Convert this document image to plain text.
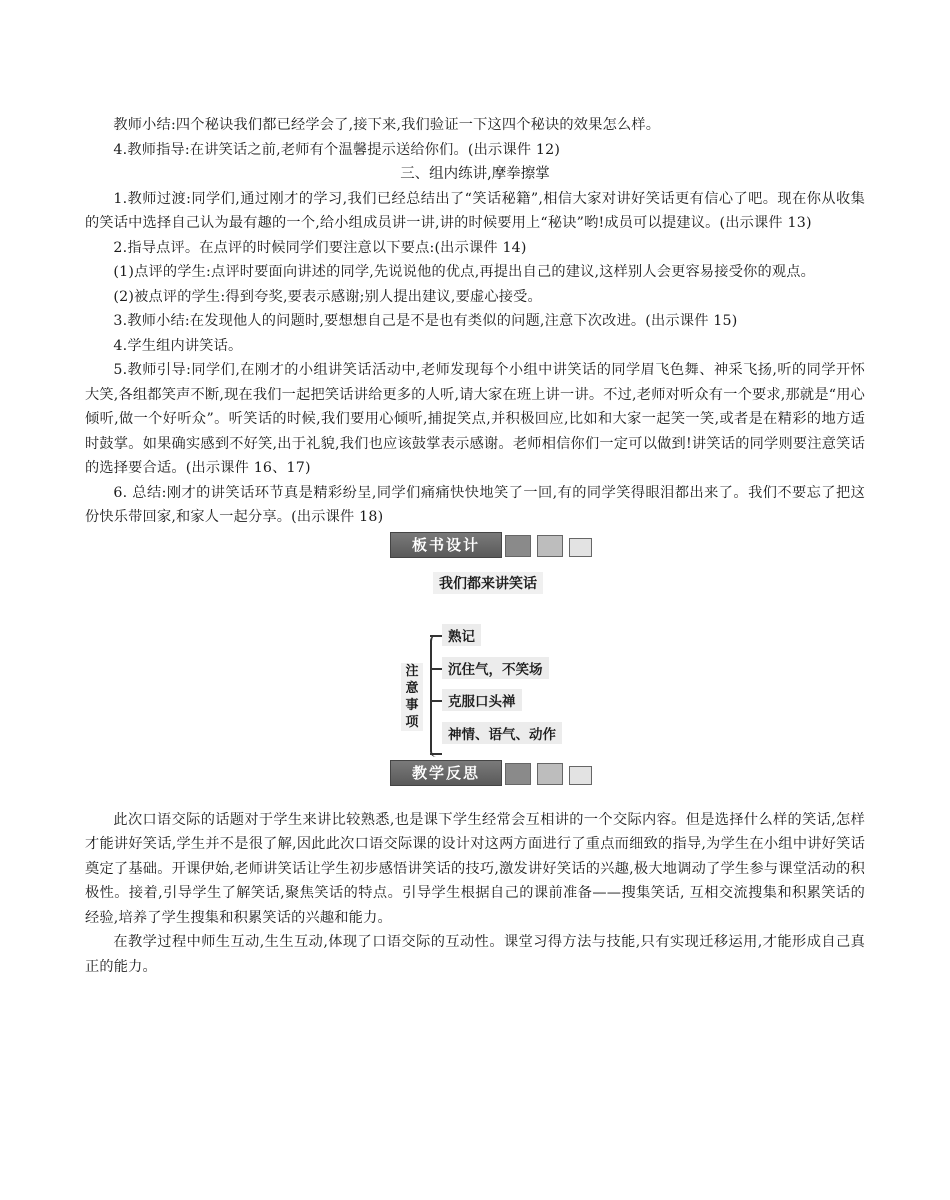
教师小结:四个秘诀我们都已经学会了,接下来,我们验证一下这四个秘诀的效果怎么样。

4.教师指导:在讲笑话之前,老师有个温馨提示送给你们。(出示课件 12)

三、组内练讲,摩拳擦掌

1.教师过渡:同学们,通过刚才的学习,我们已经总结出了“笑话秘籍”,相信大家对讲好笑话更有信心了吧。现在你从收集的笑话中选择自己认为最有趣的一个,给小组成员讲一讲,讲的时候要用上“秘诀”哟!成员可以提建议。(出示课件 13)

2.指导点评。在点评的时候同学们要注意以下要点:(出示课件 14)

(1)点评的学生:点评时要面向讲述的同学,先说说他的优点,再提出自己的建议,这样别人会更容易接受你的观点。

(2)被点评的学生:得到夸奖,要表示感谢;别人提出建议,要虚心接受。

3.教师小结:在发现他人的问题时,要想想自己是不是也有类似的问题,注意下次改进。(出示课件 15)

4.学生组内讲笑话。

5.教师引导:同学们,在刚才的小组讲笑话活动中,老师发现每个小组中讲笑话的同学眉飞色舞、神采飞扬,听的同学开怀大笑,各组都笑声不断,现在我们一起把笑话讲给更多的人听,请大家在班上讲一讲。不过,老师对听众有一个要求,那就是“用心倾听,做一个好听众”。听笑话的时候,我们要用心倾听,捕捉笑点,并积极回应,比如和大家一起笑一笑,或者是在精彩的地方适时鼓掌。如果确实感到不好笑,出于礼貌,我们也应该鼓掌表示感谢。老师相信你们一定可以做到!讲笑话的同学则要注意笑话的选择要合适。(出示课件 16、17)

6. 总结:刚才的讲笑话环节真是精彩纷呈,同学们痛痛快快地笑了一回,有的同学笑得眼泪都出来了。我们不要忘了把这份快乐带回家,和家人一起分享。(出示课件 18)

板书设计
我们都来讲笑话
注意事项
熟记
沉住气，不笑场
克服口头禅
神情、语气、动作
教学反思

此次口语交际的话题对于学生来讲比较熟悉,也是课下学生经常会互相讲的一个交际内容。但是选择什么样的笑话,怎样才能讲好笑话,学生并不是很了解,因此此次口语交际课的设计对这两方面进行了重点而细致的指导,为学生在小组中讲好笑话奠定了基础。开课伊始,老师讲笑话让学生初步感悟讲笑话的技巧,激发讲好笑话的兴趣,极大地调动了学生参与课堂活动的积极性。接着,引导学生了解笑话,聚焦笑话的特点。引导学生根据自己的课前准备——搜集笑话, 互相交流搜集和积累笑话的经验,培养了学生搜集和积累笑话的兴趣和能力。

在教学过程中师生互动,生生互动,体现了口语交际的互动性。课堂习得方法与技能,只有实现迁移运用,才能形成自己真正的能力。
